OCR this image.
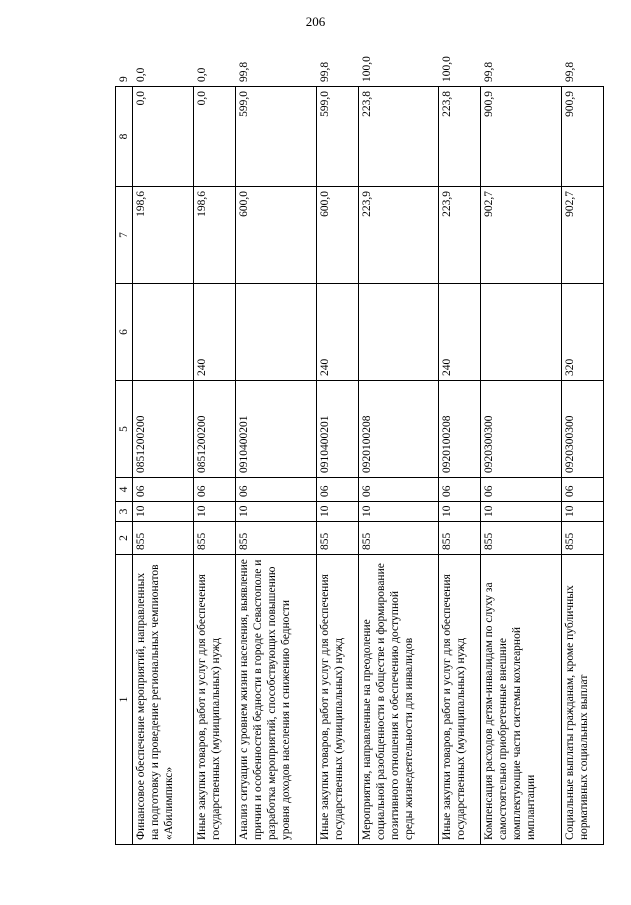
206
1	2	3	4	5	6	7	8	9
Финансовое обеспечение мероприятий, направленных на подготовку и проведение региональных чемпионатов «Абилимпикс»	855	10	06	0851200200		198,6	0,0	0,0
Иные закупки товаров, работ и услуг для обеспечения государственных (муниципальных) нужд	855	10	06	0851200200	240	198,6	0,0	0,0
Анализ ситуации с уровнем жизни населения, выявление причин и особенностей бедности в городе Севастополе и разработка мероприятий, способствующих повышению уровня доходов населения и снижению бедности	855	10	06	0910400201		600,0	599,0	99,8
Иные закупки товаров, работ и услуг для обеспечения государственных (муниципальных) нужд	855	10	06	0910400201	240	600,0	599,0	99,8
Мероприятия, направленные на преодоление социальной разобщенности в обществе и формирование позитивного отношения к обеспечению доступной среды жизнедеятельности для инвалидов	855	10	06	0920100208		223,9	223,8	100,0
Иные закупки товаров, работ и услуг для обеспечения государственных (муниципальных) нужд	855	10	06	0920100208	240	223,9	223,8	100,0
Компенсация расходов детям-инвалидам по слуху за самостоятельно приобретенные внешние комплектующие части системы кохлеарной имплантации	855	10	06	0920300300		902,7	900,9	99,8
Социальные выплаты гражданам, кроме публичных нормативных социальных выплат	855	10	06	0920300300	320	902,7	900,9	99,8
